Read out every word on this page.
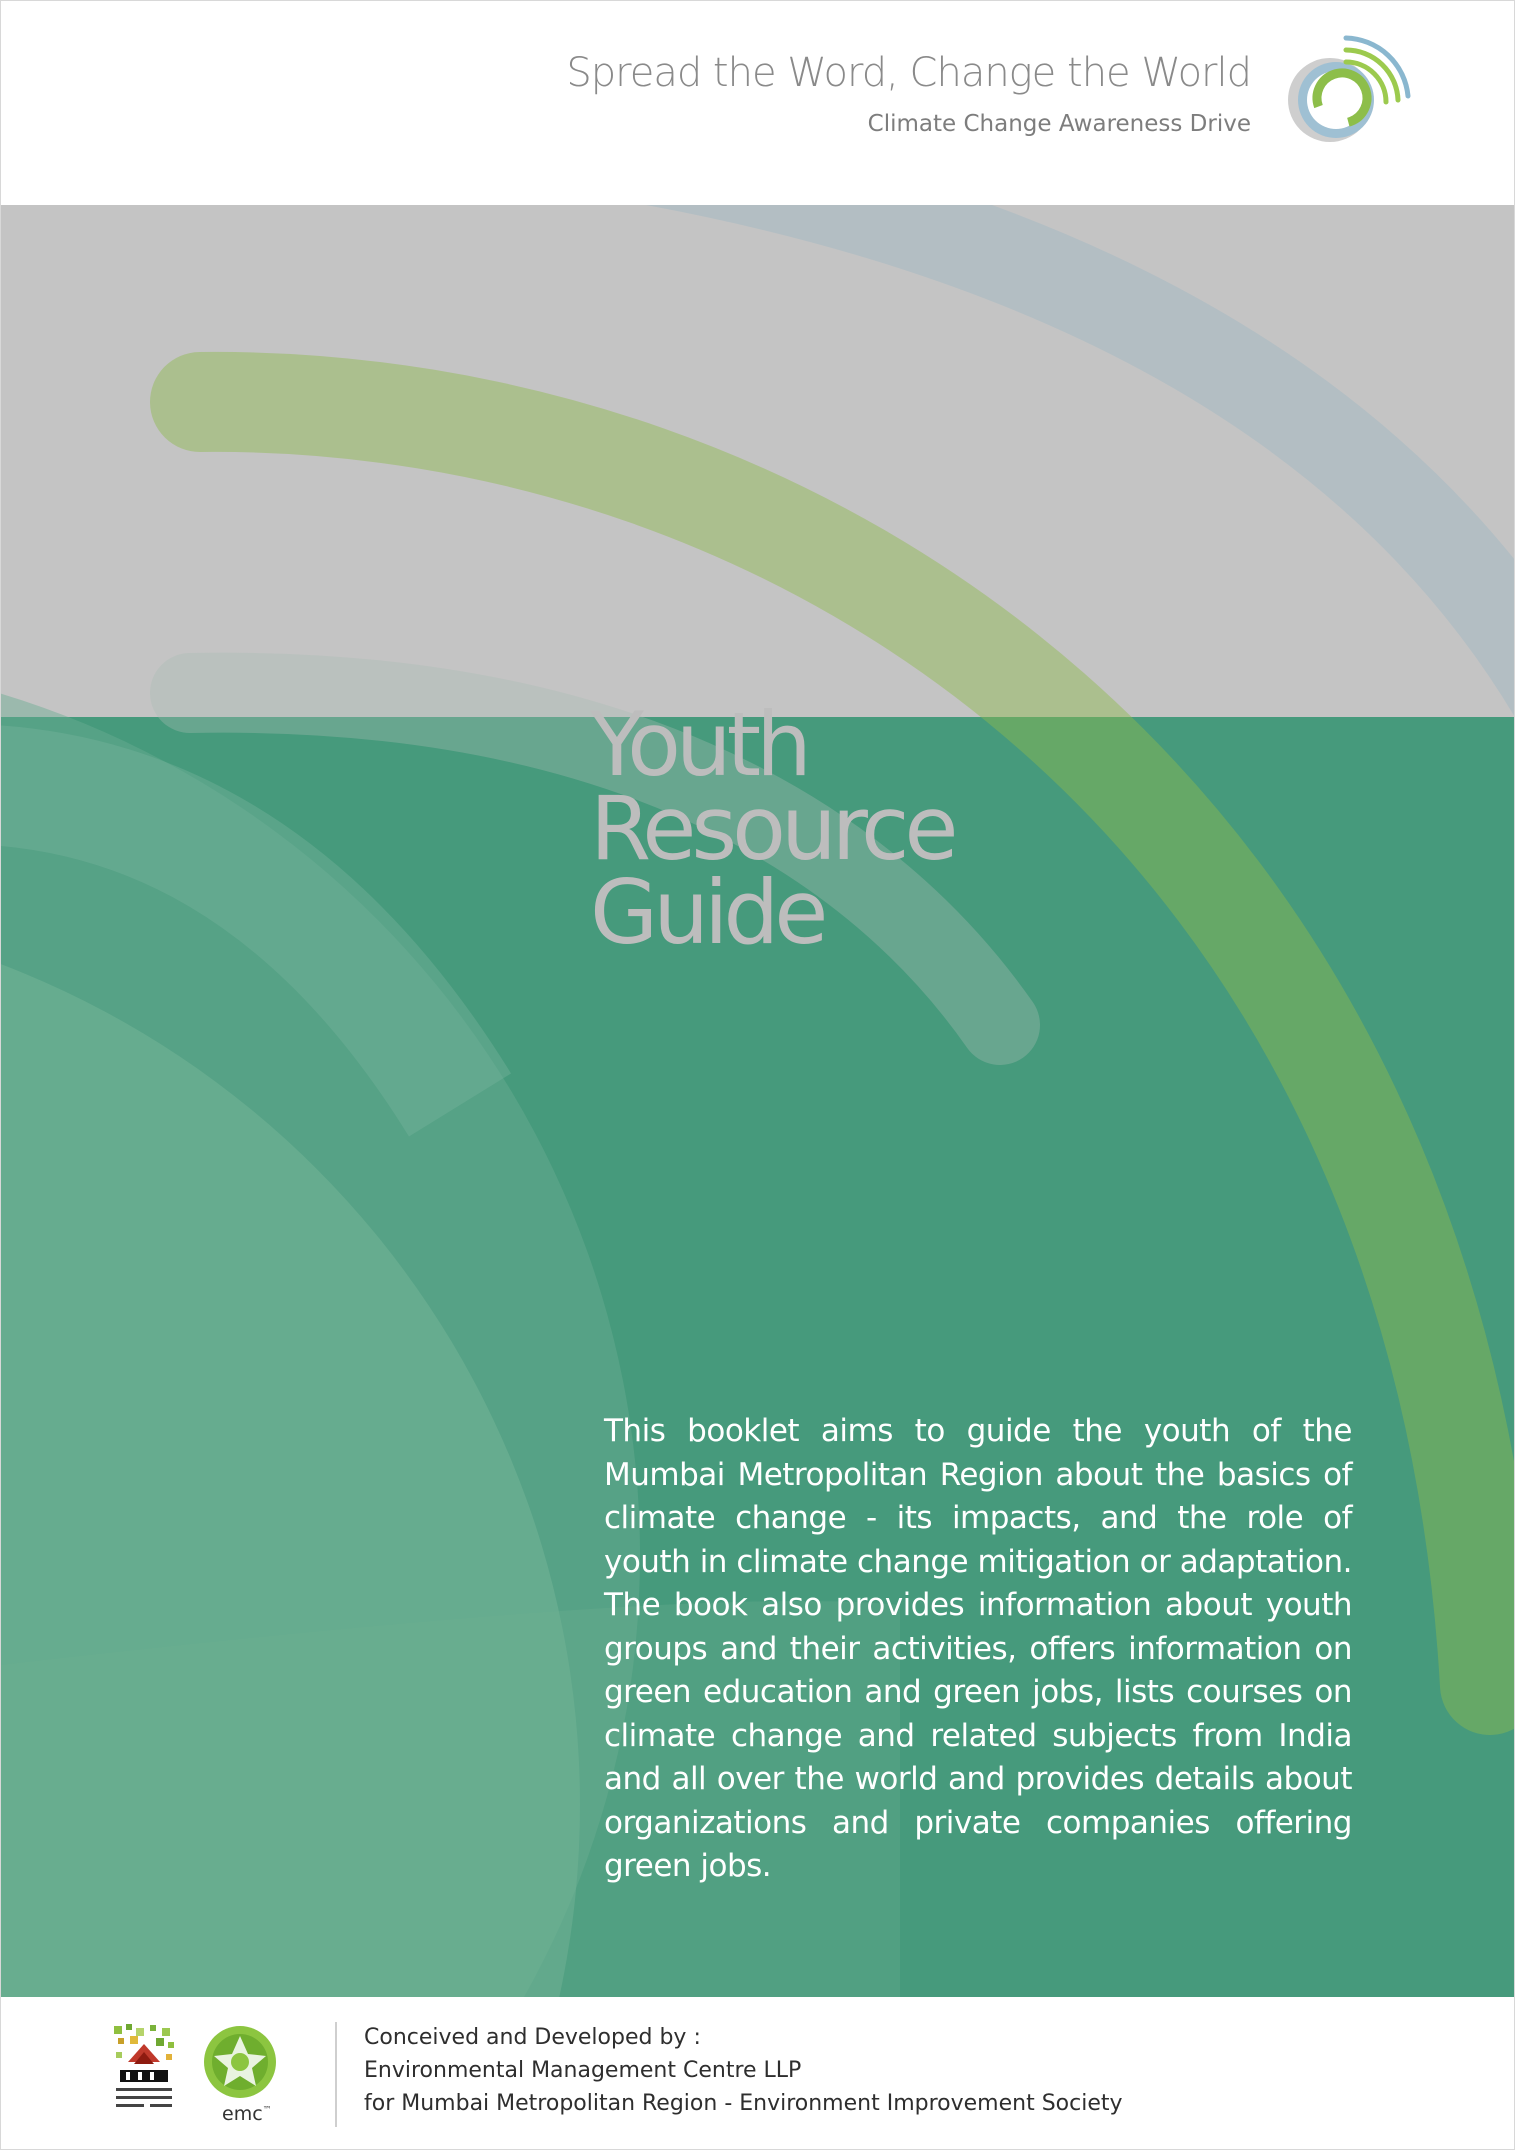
Spread the Word, Change the World
Climate Change Awareness Drive
Youth
Resource
Guide
This booklet aims to guide the youth of the Mumbai Metropolitan Region about the basics of climate change - its impacts, and the role of youth in climate change mitigation or adaptation. The book also provides information about youth groups and their activities, offers information on green education and green jobs, lists courses on climate change and related subjects from India and all over the world and provides details about organizations and private companies offering green jobs.
emc™
Conceived and Developed by :
Environmental Management Centre LLP
for Mumbai Metropolitan Region - Environment Improvement Society
